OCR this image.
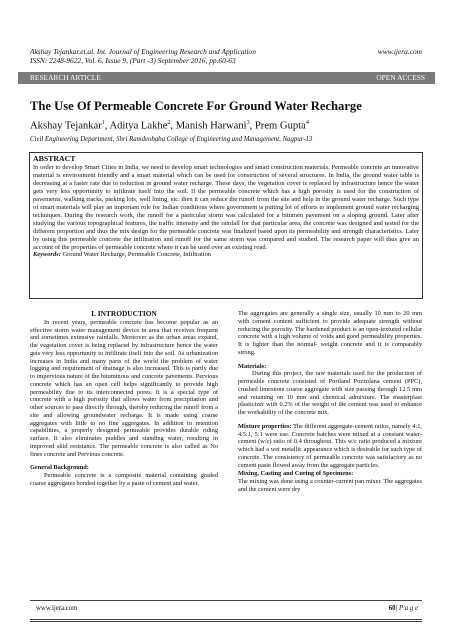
Akshay Tejankar.et.al. Int. Journal of Engineering Research and Application
ISSN: 2248-9622, Vol. 6, Issue 9, (Part -3) September 2016, pp.60-63
www.ijera.com
RESEARCH ARTICLE	OPEN ACCESS
The Use Of Permeable Concrete For Ground Water Recharge
Akshay Tejankar$^1$, Aditya Lakhe$^2$, Manish Harwani$^3$, Prem Gupta$^4$
Civil Engineering Department, Shri Ramdeobaba College of Engineering and Management, Nagpur-13
ABSTRACT
In order to develop Smart Cities in India, we need to develop smart technologies and smart construction materials. Permeable concrete an innovative material is environment friendly and a smart material which can be used for construction of several structures. In India, the ground water table is decreasing at a faster rate due to reduction in ground water recharge. These days, the vegetation cover is replaced by infrastructure hence the water gets very less opportunity to infiltrate itself into the soil. If the permeable concrete which has a high porosity is used for the construction of pavements, walking tracks, parking lots, well lining, etc. then it can reduce the runoff from the site and help in the ground water recharge. Such type of smart materials will play an important role for Indian conditions where government is putting lot of efforts to implement ground water recharging techniques. During the research work, the runoff for a particular storm was calculated for a bitumen pavement on a sloping ground. Later after studying the various topographical features, the traffic intensity and the rainfall for that particular area, the concrete was designed and tested for the different proportion and thus the mix design for the permeable concrete was finalized based upon its permeability and strength characteristics. Later by using this permeable concrete the infiltration and runoff for the same storm was compared and studied. The research paper will thus give an account of the properties of permeable concrete where it can be used over an existing road.
Keywords: Ground Water Recharge, Permeable Concrete, Infiltration

I. INTRODUCTION

In recent years, permeable concrete has become popular as an effective storm water management device in area that receives frequent and sometimes extensive rainfalls. Moreover as the urban areas expand, the vegetation cover is being replaced by infrastructure hence the water gets very less opportunity to infiltrate itself into the soil. As urbanization increases in India and many parts of the world the problem of water logging and requirement of drainage is also increased. This is partly due to impervious nature of the bituminous and concrete pavements. Pervious concrete which has an open cell helps significantly to provide high permeability due to its interconnected pores. It is a special type of concrete with a high porosity that allows water from precipitation and other sources to pass directly through, thereby reducing the runoff from a site and allowing groundwater recharge. It is made using coarse aggregates with little to no fine aggregates. In addition to retention capabilities, a properly designed permeable provides durable riding surface. It also eliminates puddles and standing water, resulting in improved skid resistance. The permeable concrete is also called as No fines concrete and Pervious concrete.

General Background:

Permeable concrete is a composite material containing graded coarse aggregates bonded together by a paste of cement and water.

The aggregates are generally a single size, usually 10 mm to 20 mm with cement content sufficient to provide adequate strength without reducing the porosity. The hardened product is an open-textured cellular concrete with a high volume of voids and good permeability properties. It is lighter than the normal- weight concrete and it is comparably strong.

Materials:

During this project, the raw materials used for the production of permeable concrete consisted of Portland Pozzolana cement (PPC), crushed limestone coarse aggregate with size passing through 12.5 mm and retaining on 10 mm and chemical admixture. The masterplast plasticizer with 0.2% of the weight of the cement was used to enhance the workability of the concrete mix.

Mixture properties: The different aggregate-cement ratios, namely 4:1, 4.5:1, 5:1 were use. Concrete batches were mixed at a constant water-cement (w/c) ratio of 0.4 throughout. This w/c ratio produced a mixture which had a wet metallic appearance which is desirable for such type of concrete. The consistency of permeable concrete was satisfactory as no cement paste flowed away from the aggregate particles.

Mixing, Casting and Curing of Specimens:

The mixing was done using a counter-current pan mixer. The aggregates and the cement were dry

www.ijera.com	60| P a g e
